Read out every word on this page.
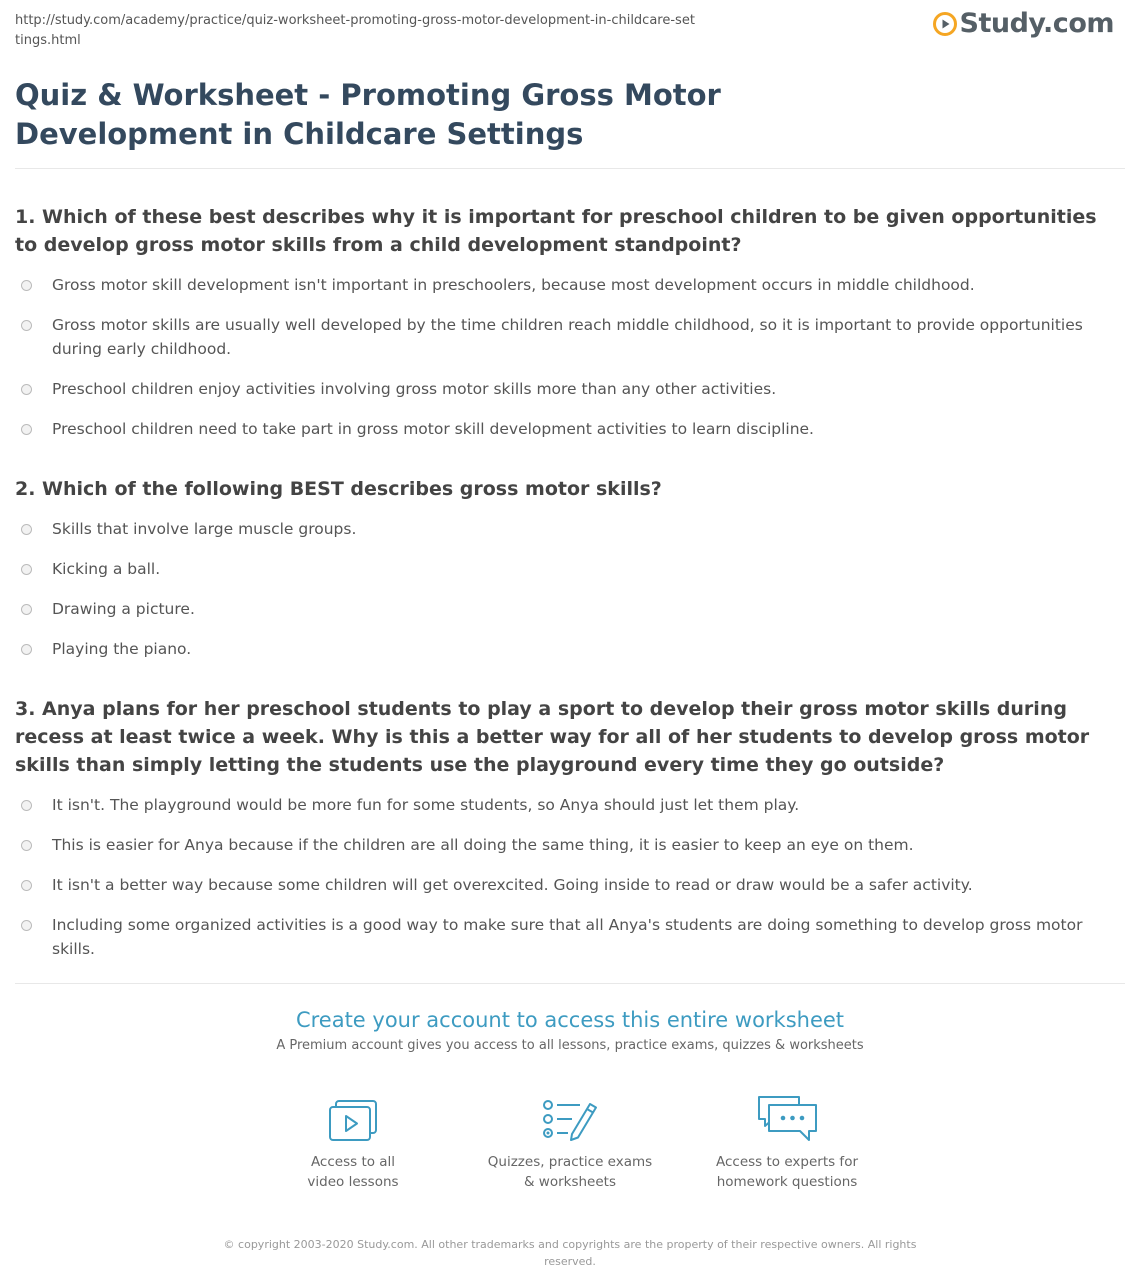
http://study.com/academy/practice/quiz-worksheet-promoting-gross-motor-development-in-childcare-settings.html
Study.com
Quiz & Worksheet - Promoting Gross Motor Development in Childcare Settings

1. Which of these best describes why it is important for preschool children to be given opportunities to develop gross motor skills from a child development standpoint?

Gross motor skill development isn't important in preschoolers, because most development occurs in middle childhood.
Gross motor skills are usually well developed by the time children reach middle childhood, so it is important to provide opportunities during early childhood.
Preschool children enjoy activities involving gross motor skills more than any other activities.
Preschool children need to take part in gross motor skill development activities to learn discipline.

2. Which of the following BEST describes gross motor skills?

Skills that involve large muscle groups.
Kicking a ball.
Drawing a picture.
Playing the piano.

3. Anya plans for her preschool students to play a sport to develop their gross motor skills during recess at least twice a week. Why is this a better way for all of her students to develop gross motor skills than simply letting the students use the playground every time they go outside?

It isn't. The playground would be more fun for some students, so Anya should just let them play.
This is easier for Anya because if the children are all doing the same thing, it is easier to keep an eye on them.
It isn't a better way because some children will get overexcited. Going inside to read or draw would be a safer activity.
Including some organized activities is a good way to make sure that all Anya's students are doing something to develop gross motor skills.
Create your account to access this entire worksheet
A Premium account gives you access to all lessons, practice exams, quizzes & worksheets
Access to all
video lessons
Quizzes, practice exams
& worksheets
Access to experts for
homework questions
© copyright 2003-2020 Study.com. All other trademarks and copyrights are the property of their respective owners. All rights reserved.
